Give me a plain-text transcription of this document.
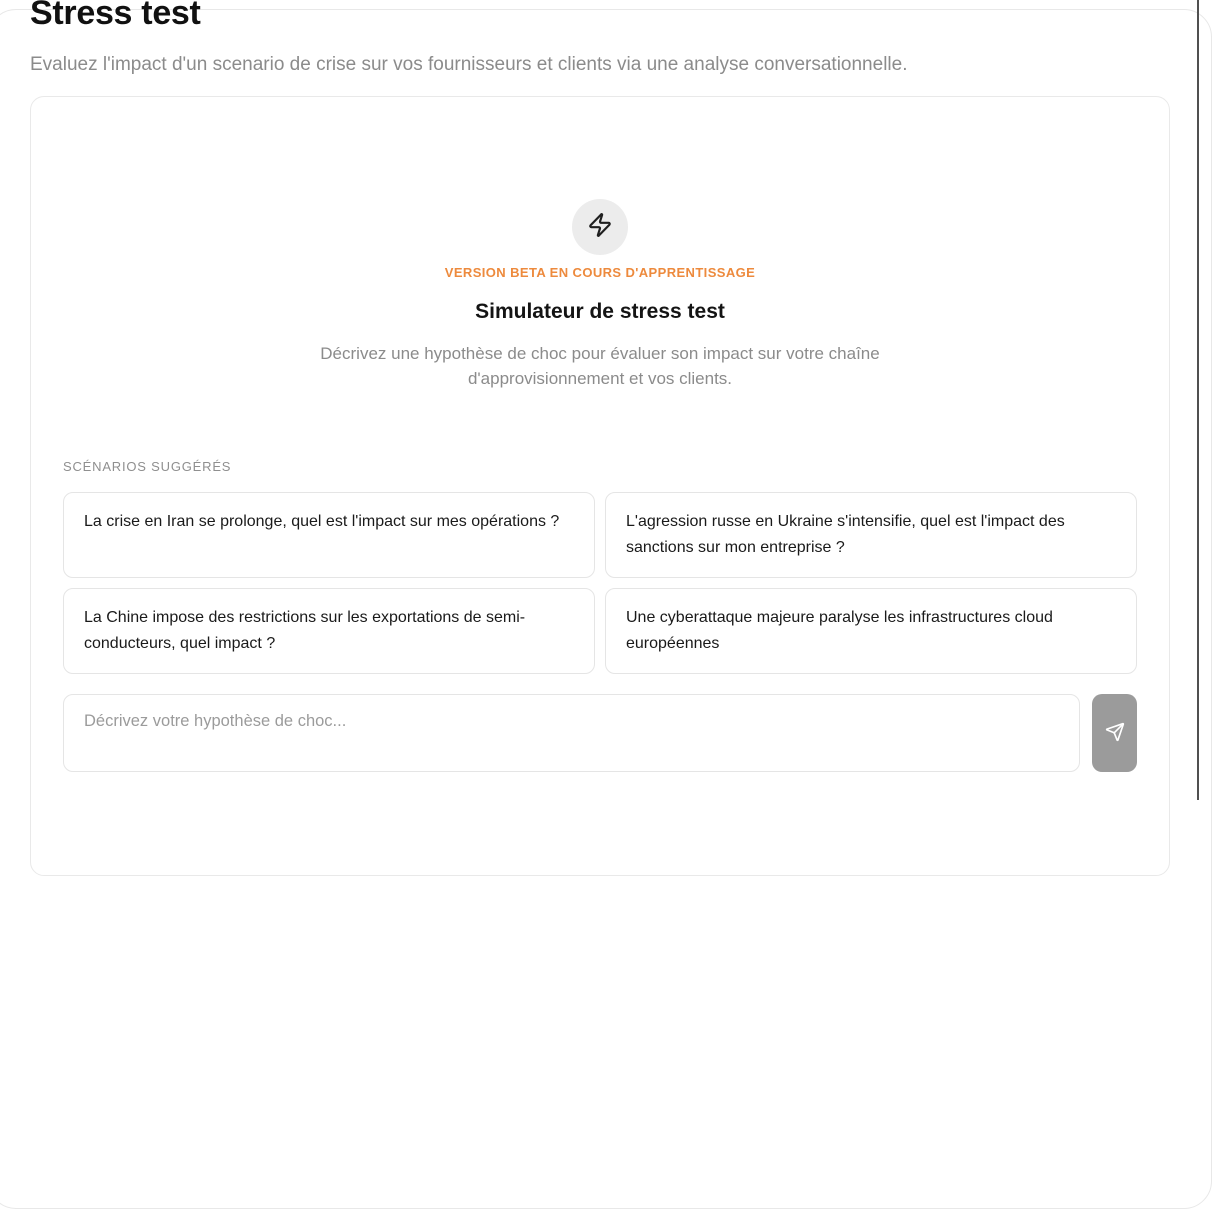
Stress test

Evaluez l'impact d'un scenario de crise sur vos fournisseurs et clients via une analyse conversationnelle.

VERSION BETA EN COURS D'APPRENTISSAGE
Simulateur de stress test

Décrivez une hypothèse de choc pour évaluer son impact sur votre chaîne d'approvisionnement et vos clients.

SCÉNARIOS SUGGÉRÉS
La crise en Iran se prolonge, quel est l'impact sur mes opérations ?	L'agression russe en Ukraine s'intensifie, quel est l'impact des sanctions sur mon entreprise ?
La Chine impose des restrictions sur les exportations de semi-conducteurs, quel impact ?
Une cyberattaque majeure paralyse les infrastructures cloud européennes
Décrivez votre hypothèse de choc...
